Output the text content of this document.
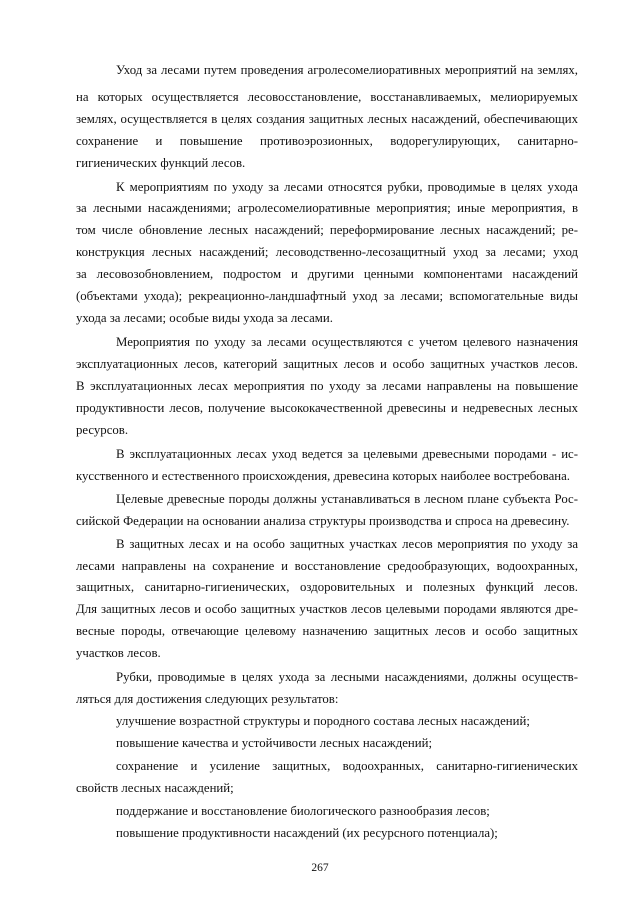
Уход за лесами путем проведения агролесомелиоративных мероприятий на землях,
на которых осуществляется лесовосстановление, восстанавливаемых, мелиорируемых
землях, осуществляется в целях создания защитных лесных насаждений, обеспечивающих
сохранение и повышение противоэрозионных, водорегулирующих, санитарно-
гигиенических функций лесов.
К мероприятиям по уходу за лесами относятся рубки, проводимые в целях ухода
за лесными насаждениями; агролесомелиоративные мероприятия; иные мероприятия, в
том числе обновление лесных насаждений; переформирование лесных насаждений; ре-
конструкция лесных насаждений; лесоводственно-лесозащитный уход за лесами; уход
за лесовозобновлением, подростом и другими ценными компонентами насаждений
(объектами ухода); рекреационно-ландшафтный уход за лесами; вспомогательные виды
ухода за лесами; особые виды ухода за лесами.
Мероприятия по уходу за лесами осуществляются с учетом целевого назначения
эксплуатационных лесов, категорий защитных лесов и особо защитных участков лесов.
В эксплуатационных лесах мероприятия по уходу за лесами направлены на повышение
продуктивности лесов, получение высококачественной древесины и недревесных лесных
ресурсов.
В эксплуатационных лесах уход ведется за целевыми древесными породами - ис-
кусственного и естественного происхождения, древесина которых наиболее востребована.
Целевые древесные породы должны устанавливаться в лесном плане субъекта Рос-
сийской Федерации на основании анализа структуры производства и спроса на древесину.
В защитных лесах и на особо защитных участках лесов мероприятия по уходу за
лесами направлены на сохранение и восстановление средообразующих, водоохранных,
защитных, санитарно-гигиенических, оздоровительных и полезных функций лесов.
Для защитных лесов и особо защитных участков лесов целевыми породами являются дре-
весные породы, отвечающие целевому назначению защитных лесов и особо защитных
участков лесов.
Рубки, проводимые в целях ухода за лесными насаждениями, должны осуществ-
ляться для достижения следующих результатов:
улучшение возрастной структуры и породного состава лесных насаждений;
повышение качества и устойчивости лесных насаждений;
сохранение и усиление защитных, водоохранных, санитарно-гигиенических
свойств лесных насаждений;
поддержание и восстановление биологического разнообразия лесов;
повышение продуктивности насаждений (их ресурсного потенциала);
267
